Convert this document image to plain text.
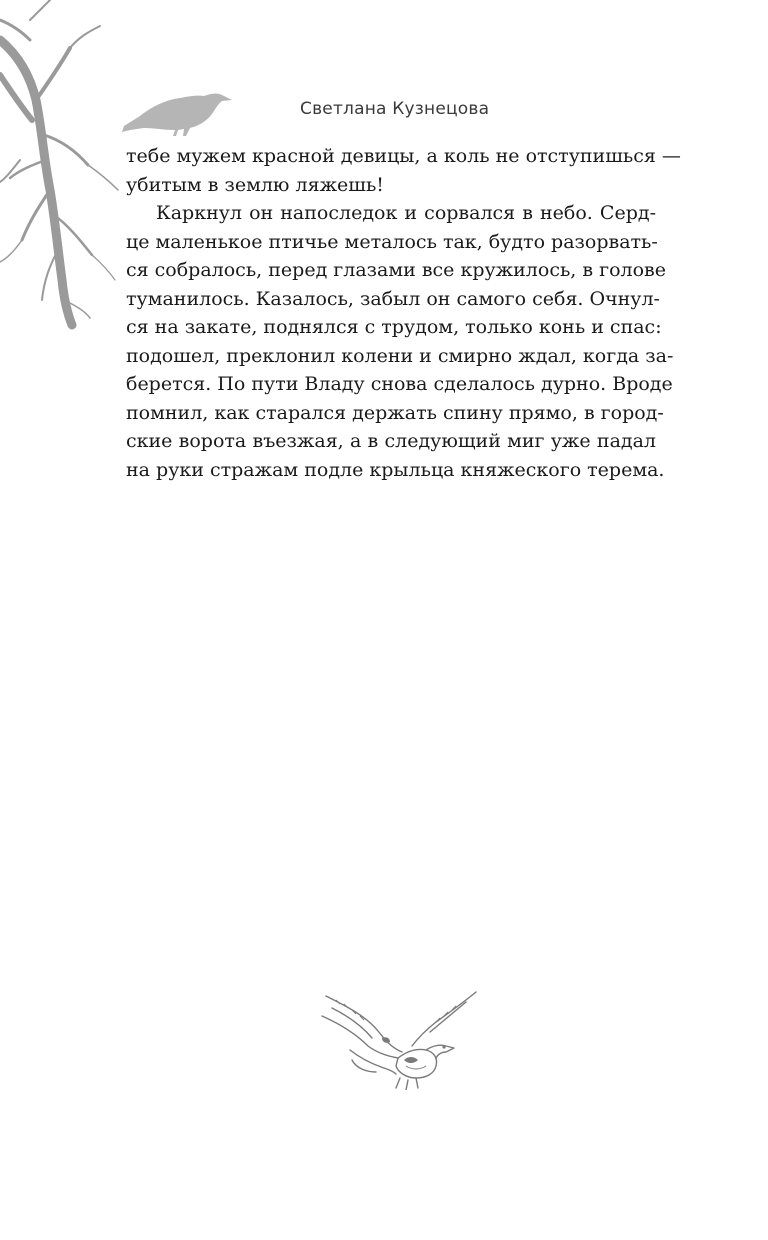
Светлана Кузнецова
тебе мужем красной девицы, а коль не отступишься —
убитым в землю ляжешь!
Каркнул он напоследок и сорвался в небо. Серд-
це маленькое птичье металось так, будто разорвать-
ся собралось, перед глазами все кружилось, в голове
туманилось. Казалось, забыл он самого себя. Очнул-
ся на закате, поднялся с трудом, только конь и спас:
подошел, преклонил колени и смирно ждал, когда за-
берется. По пути Владу снова сделалось дурно. Вроде
помнил, как старался держать спину прямо, в город-
ские ворота въезжая, а в следующий миг уже падал
на руки стражам подле крыльца княжеского терема.
